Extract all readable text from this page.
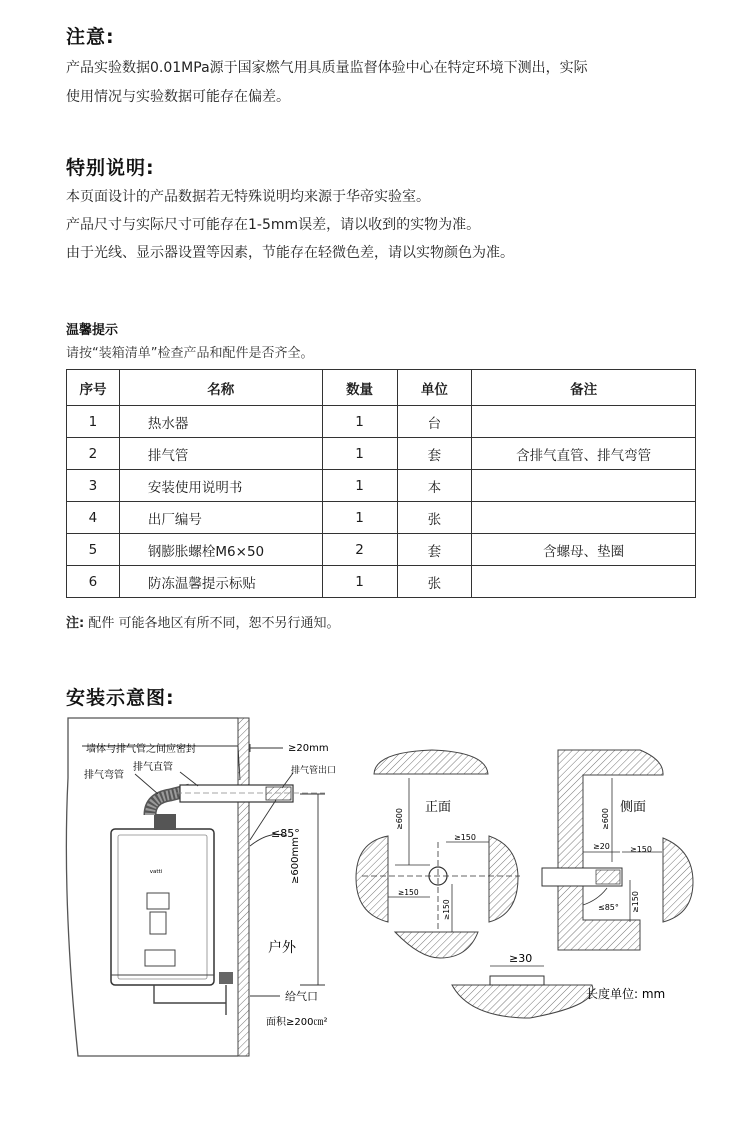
注意:
产品实验数据0.01MPa源于国家燃气用具质量监督体验中心在特定环境下测出，实际
使用情况与实验数据可能存在偏差。
特别说明:
本页面设计的产品数据若无特殊说明均来源于华帝实验室。
产品尺寸与实际尺寸可能存在1-5mm误差，请以收到的实物为准。
由于光线、显示器设置等因素，节能存在轻微色差，请以实物颜色为准。
温馨提示
请按“装箱清单”检查产品和配件是否齐全。
序号	名称	数量	单位	备注
1	热水器	1	台	
2	排气管	1	套	含排气直管、排气弯管
3	安装使用说明书	1	本	
4	出厂编号	1	张	
5	钢膨胀螺栓M6×50	2	套	含螺母、垫圈
6	防冻温馨提示标贴	1	张	
注: 配件 可能各地区有所不同，恕不另行通知。
安装示意图:
vatti
墙体与排气管之间应密封
排气弯管
排气直管	排气管出口
≥20mm
≤85°
≥600mm
户外
给气口
面积≥200㎝²
正面
≥600
≥150
≥150
≥150
侧面
≥600
≥20	≥150
≤85° ≥150
≥30
长度单位: mm
